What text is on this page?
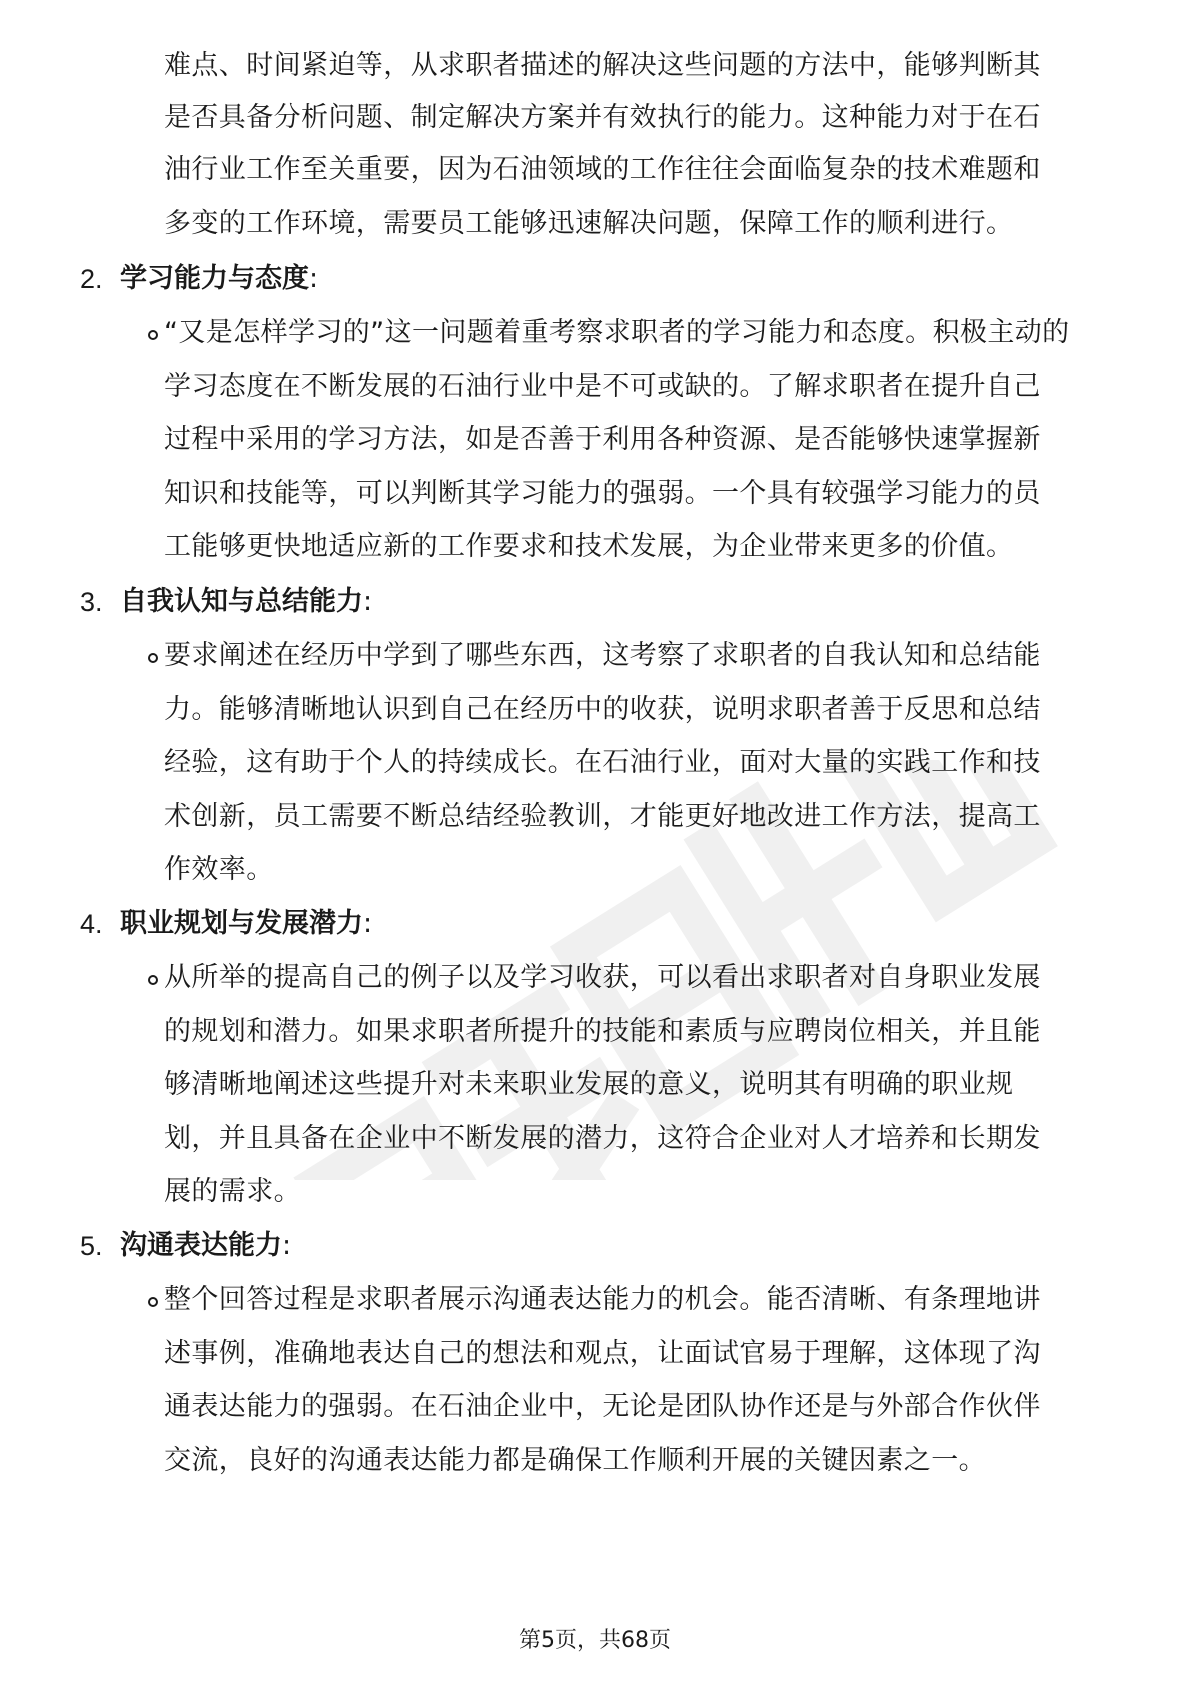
难点、时间紧迫等，从求职者描述的解决这些问题的方法中，能够判断其
是否具备分析问题、制定解决方案并有效执行的能力。这种能力对于在石
油行业工作至关重要，因为石油领域的工作往往会面临复杂的技术难题和
多变的工作环境，需要员工能够迅速解决问题，保障工作的顺利进行。
2. 学习能力与态度:
“又是怎样学习的”这一问题着重考察求职者的学习能力和态度。积极主动的
学习态度在不断发展的石油行业中是不可或缺的。了解求职者在提升自己
过程中采用的学习方法，如是否善于利用各种资源、是否能够快速掌握新
知识和技能等，可以判断其学习能力的强弱。一个具有较强学习能力的员
工能够更快地适应新的工作要求和技术发展，为企业带来更多的价值。
3. 自我认知与总结能力:
要求阐述在经历中学到了哪些东西，这考察了求职者的自我认知和总结能
力。能够清晰地认识到自己在经历中的收获，说明求职者善于反思和总结
经验，这有助于个人的持续成长。在石油行业，面对大量的实践工作和技
术创新，员工需要不断总结经验教训，才能更好地改进工作方法，提高工
作效率。
4. 职业规划与发展潜力:
从所举的提高自己的例子以及学习收获，可以看出求职者对自身职业发展
的规划和潜力。如果求职者所提升的技能和素质与应聘岗位相关，并且能
够清晰地阐述这些提升对未来职业发展的意义，说明其有明确的职业规
划，并且具备在企业中不断发展的潜力，这符合企业对人才培养和长期发
展的需求。
5. 沟通表达能力:
整个回答过程是求职者展示沟通表达能力的机会。能否清晰、有条理地讲
述事例，准确地表达自己的想法和观点，让面试官易于理解，这体现了沟
通表达能力的强弱。在石油企业中，无论是团队协作还是与外部合作伙伴
交流，良好的沟通表达能力都是确保工作顺利开展的关键因素之一。
第5页，共68页
